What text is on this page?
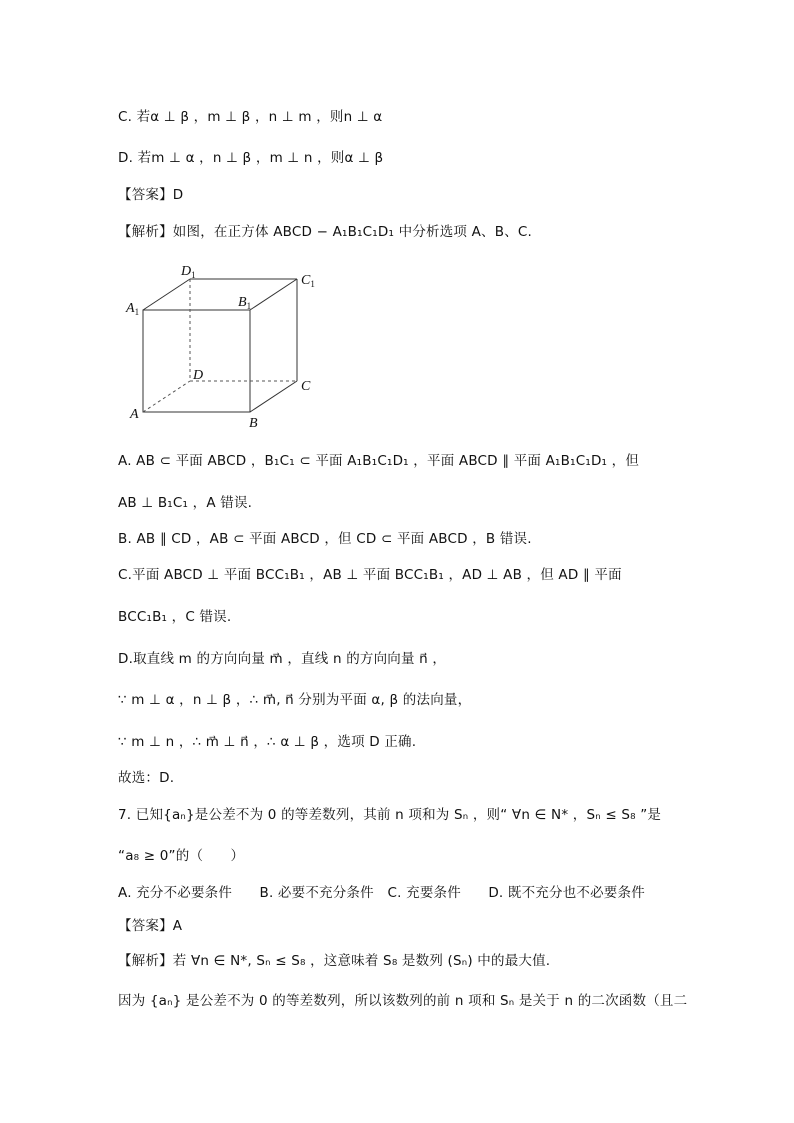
C. 若α ⊥ β ，m ⊥ β ，n ⊥ m ，则n ⊥ α
D. 若m ⊥ α ，n ⊥ β ，m ⊥ n ，则α ⊥ β
【答案】D
【解析】如图，在正方体 ABCD − A₁B₁C₁D₁ 中分析选项 A、B、C.
$D_1$	$C_1$
$A_1$
$B_1$
D
C
A
B
A. AB ⊂ 平面 ABCD ，B₁C₁ ⊂ 平面 A₁B₁C₁D₁ ，平面 ABCD ∥ 平面 A₁B₁C₁D₁ ，但
AB ⊥ B₁C₁ ，A 错误.
B. AB ∥ CD ，AB ⊂ 平面 ABCD ，但 CD ⊂ 平面 ABCD ，B 错误.
C.平面 ABCD ⊥ 平面 BCC₁B₁ ，AB ⊥ 平面 BCC₁B₁ ，AD ⊥ AB ，但 AD ∥ 平面
BCC₁B₁ ，C 错误.
D.取直线 m 的方向向量 m⃗ ，直线 n 的方向向量 n⃗ ，
∵ m ⊥ α ，n ⊥ β ，∴ m⃗, n⃗ 分别为平面 α, β 的法向量，
∵ m ⊥ n ，∴ m⃗ ⊥ n⃗ ，∴ α ⊥ β ，选项 D 正确.
故选：D.
7. 已知{aₙ}是公差不为 0 的等差数列，其前 n 项和为 Sₙ ，则“ ∀n ∈ N* ，Sₙ ≤ S₈ ”是
“a₈ ≥ 0”的（　　）
A. 充分不必要条件　　B. 必要不充分条件　C. 充要条件　　D. 既不充分也不必要条件
【答案】A
【解析】若 ∀n ∈ N*, Sₙ ≤ S₈ ，这意味着 S₈ 是数列 (Sₙ) 中的最大值.
因为 {aₙ} 是公差不为 0 的等差数列，所以该数列的前 n 项和 Sₙ 是关于 n 的二次函数（且二
